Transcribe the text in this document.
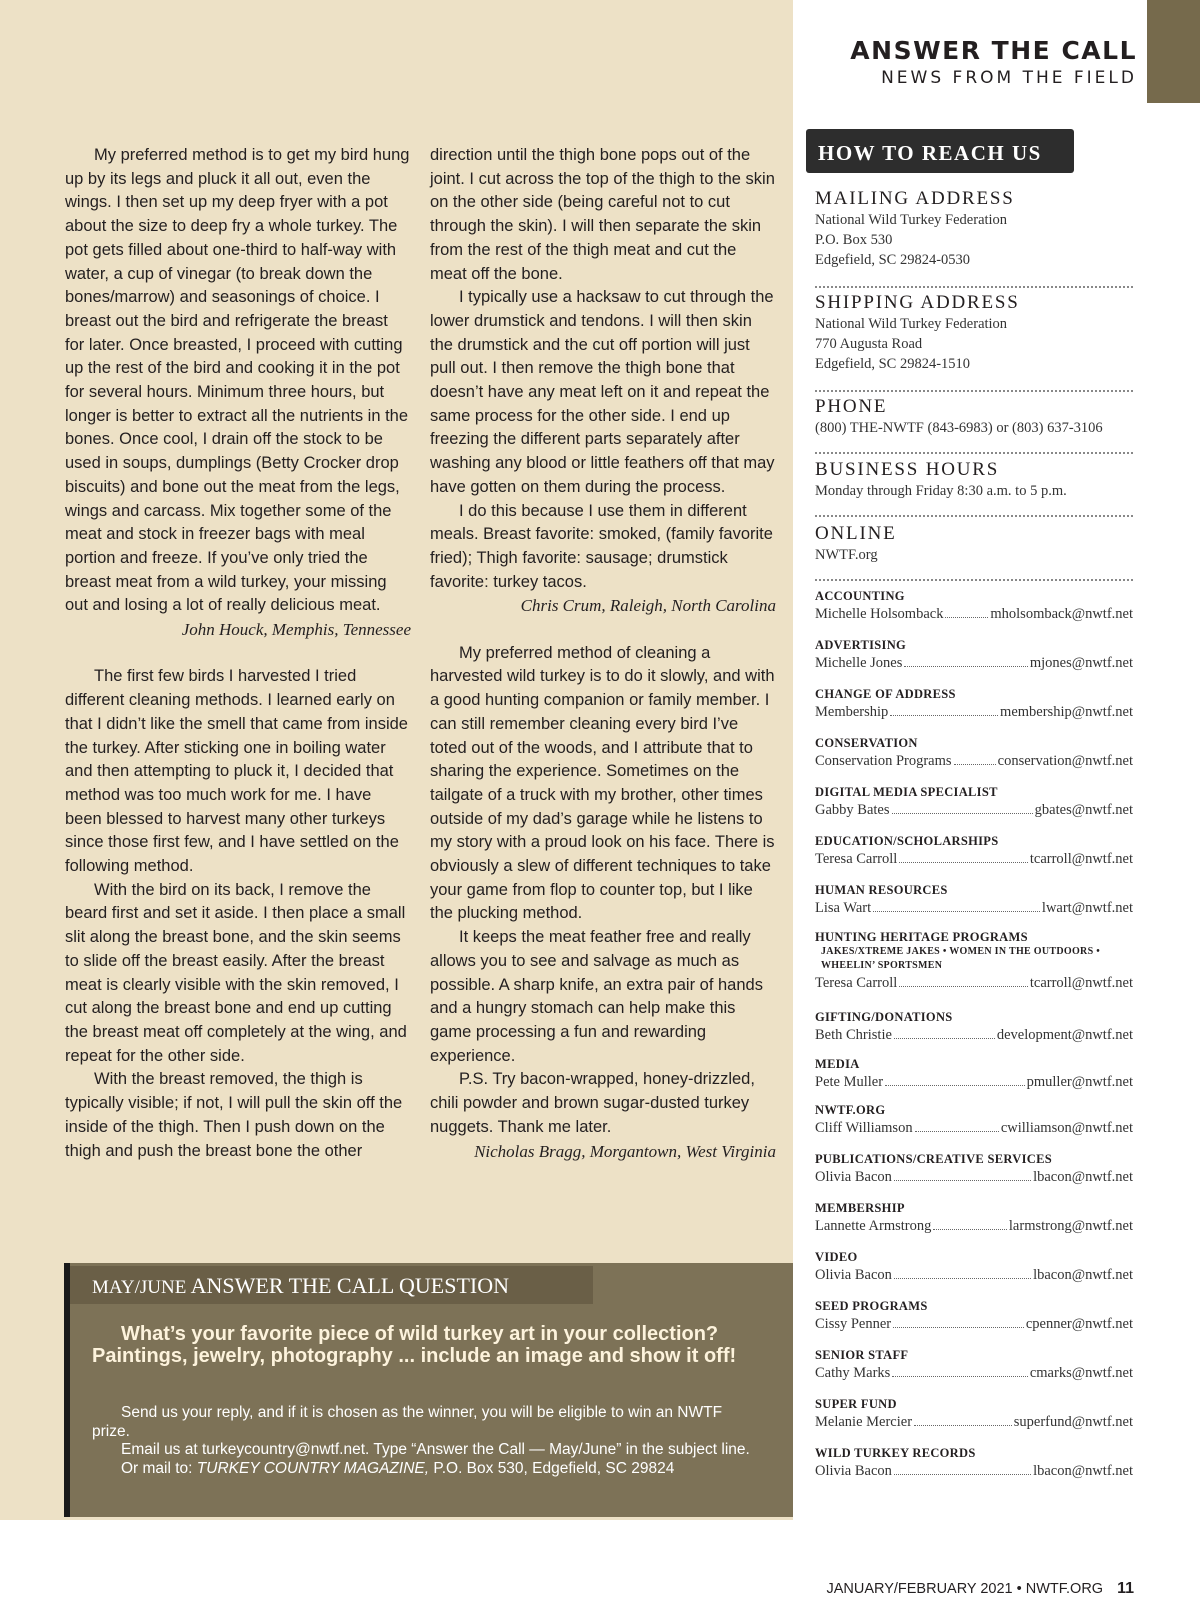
ANSWER THE CALL
NEWS FROM THE FIELD

My preferred method is to get my bird hung up by its legs and pluck it all out, even the wings. I then set up my deep fryer with a pot about the size to deep fry a whole turkey. The pot gets filled about one-third to half-way with water, a cup of vinegar (to break down the bones/marrow) and seasonings of choice. I breast out the bird and refrigerate the breast for later. Once breasted, I proceed with cutting up the rest of the bird and cooking it in the pot for several hours. Minimum three hours, but longer is better to extract all the nutrients in the bones. Once cool, I drain off the stock to be used in soups, dumplings (Betty Crocker drop biscuits) and bone out the meat from the legs, wings and carcass. Mix together some of the meat and stock in freezer bags with meal portion and freeze. If you’ve only tried the breast meat from a wild turkey, your missing out and losing a lot of really delicious meat.

John Houck, Memphis, Tennessee

The first few birds I harvested I tried different cleaning methods. I learned early on that I didn’t like the smell that came from inside the turkey. After sticking one in boiling water and then attempting to pluck it, I decided that method was too much work for me. I have been blessed to harvest many other turkeys since those first few, and I have settled on the following method.

With the bird on its back, I remove the beard first and set it aside. I then place a small slit along the breast bone, and the skin seems to slide off the breast easily. After the breast meat is clearly visible with the skin removed, I cut along the breast bone and end up cutting the breast meat off completely at the wing, and repeat for the other side.

With the breast removed, the thigh is typically visible; if not, I will pull the skin off the inside of the thigh. Then I push down on the thigh and push the breast bone the other

direction until the thigh bone pops out of the joint. I cut across the top of the thigh to the skin on the other side (being careful not to cut through the skin). I will then separate the skin from the rest of the thigh meat and cut the meat off the bone.

I typically use a hacksaw to cut through the lower drumstick and tendons. I will then skin the drumstick and the cut off portion will just pull out. I then remove the thigh bone that doesn’t have any meat left on it and repeat the same process for the other side. I end up freezing the different parts separately after washing any blood or little feathers off that may have gotten on them during the process.

I do this because I use them in different meals. Breast favorite: smoked, (family favorite fried); Thigh favorite: sausage; drumstick favorite: turkey tacos.

Chris Crum, Raleigh, North Carolina

My preferred method of cleaning a harvested wild turkey is to do it slowly, and with a good hunting companion or family member. I can still remember cleaning every bird I’ve toted out of the woods, and I attribute that to sharing the experience. Sometimes on the tailgate of a truck with my brother, other times outside of my dad’s garage while he listens to my story with a proud look on his face. There is obviously a slew of different techniques to take your game from flop to counter top, but I like the plucking method.

It keeps the meat feather free and really allows you to see and salvage as much as possible. A sharp knife, an extra pair of hands and a hungry stomach can help make this game processing a fun and rewarding experience.

P.S. Try bacon-wrapped, honey-drizzled, chili powder and brown sugar-dusted turkey nuggets. Thank me later.

Nicholas Bragg, Morgantown, West Virginia

MAY/JUNE ANSWER THE CALL QUESTION
What’s your favorite piece of wild turkey art in your collection? Paintings, jewelry, photography ... include an image and show it off!

Send us your reply, and if it is chosen as the winner, you will be eligible to win an NWTF prize.

Email us at turkeycountry@nwtf.net. Type “Answer the Call — May/June” in the subject line.

Or mail to: TURKEY COUNTRY MAGAZINE, P.O. Box 530, Edgefield, SC 29824

HOW TO REACH US
MAILING ADDRESS
National Wild Turkey Federation
P.O. Box 530
Edgefield, SC 29824-0530
SHIPPING ADDRESS
National Wild Turkey Federation
770 Augusta Road
Edgefield, SC 29824-1510
PHONE
(800) THE-NWTF (843-6983) or (803) 637-3106
BUSINESS HOURS
Monday through Friday 8:30 a.m. to 5 p.m.
ONLINE
NWTF.org
ACCOUNTING
Michelle Holsomback	mholsomback@nwtf.net
ADVERTISING
Michelle Jones	mjones@nwtf.net
CHANGE OF ADDRESS
Membership	membership@nwtf.net
CONSERVATION
Conservation Programs	conservation@nwtf.net
DIGITAL MEDIA SPECIALIST
Gabby Bates	gbates@nwtf.net
EDUCATION/SCHOLARSHIPS
Teresa Carroll	tcarroll@nwtf.net
HUMAN RESOURCES
Lisa Wart	lwart@nwtf.net
HUNTING HERITAGE PROGRAMS
JAKES/XTREME JAKES • WOMEN IN THE OUTDOORS •
WHEELIN’ SPORTSMEN
Teresa Carroll	tcarroll@nwtf.net
GIFTING/DONATIONS
Beth Christie	development@nwtf.net
MEDIA
Pete Muller	pmuller@nwtf.net
NWTF.ORG
Cliff Williamson	cwilliamson@nwtf.net
PUBLICATIONS/CREATIVE SERVICES
Olivia Bacon	lbacon@nwtf.net
MEMBERSHIP
Lannette Armstrong	larmstrong@nwtf.net
VIDEO
Olivia Bacon	lbacon@nwtf.net
SEED PROGRAMS
Cissy Penner	cpenner@nwtf.net
SENIOR STAFF
Cathy Marks	cmarks@nwtf.net
SUPER FUND
Melanie Mercier	superfund@nwtf.net
WILD TURKEY RECORDS
Olivia Bacon	lbacon@nwtf.net
JANUARY/FEBRUARY 2021 • NWTF.ORG 11
